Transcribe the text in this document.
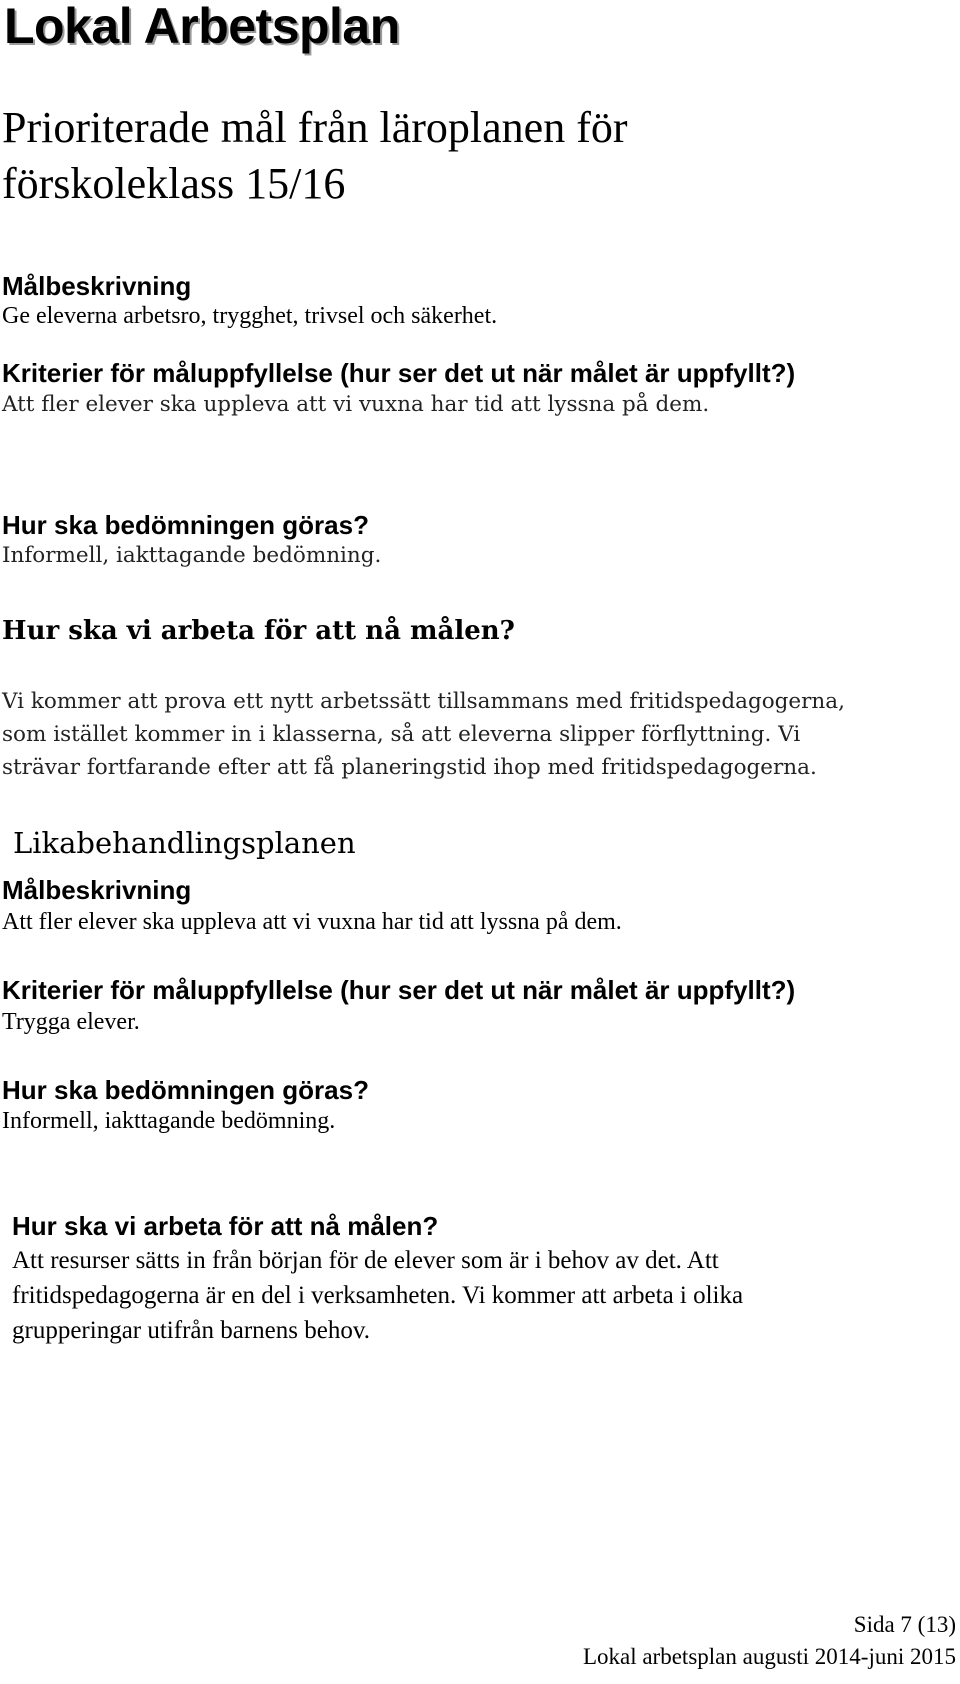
Lokal Arbetsplan
Prioriterade mål från läroplanen för
förskoleklass 15/16
Målbeskrivning
Ge eleverna arbetsro, trygghet, trivsel och säkerhet.
Kriterier för måluppfyllelse (hur ser det ut när målet är uppfyllt?)
Att fler elever ska uppleva att vi vuxna har tid att lyssna på dem.
Hur ska bedömningen göras?
Informell, iakttagande bedömning.
Hur ska vi arbeta för att nå målen?
Vi kommer att prova ett nytt arbetssätt tillsammans med fritidspedagogerna,
som istället kommer in i klasserna, så att eleverna slipper förflyttning. Vi
strävar fortfarande efter att få planeringstid ihop med fritidspedagogerna.
Likabehandlingsplanen
Målbeskrivning
Att fler elever ska uppleva att vi vuxna har tid att lyssna på dem.
Kriterier för måluppfyllelse (hur ser det ut när målet är uppfyllt?)
Trygga elever.
Hur ska bedömningen göras?
Informell, iakttagande bedömning.
Hur ska vi arbeta för att nå målen?
Att resurser sätts in från början för de elever som är i behov av det. Att
fritidspedagogerna är en del i verksamheten. Vi kommer att arbeta i olika
grupperingar utifrån barnens behov.
Sida 7 (13)
Lokal arbetsplan augusti 2014-juni 2015
